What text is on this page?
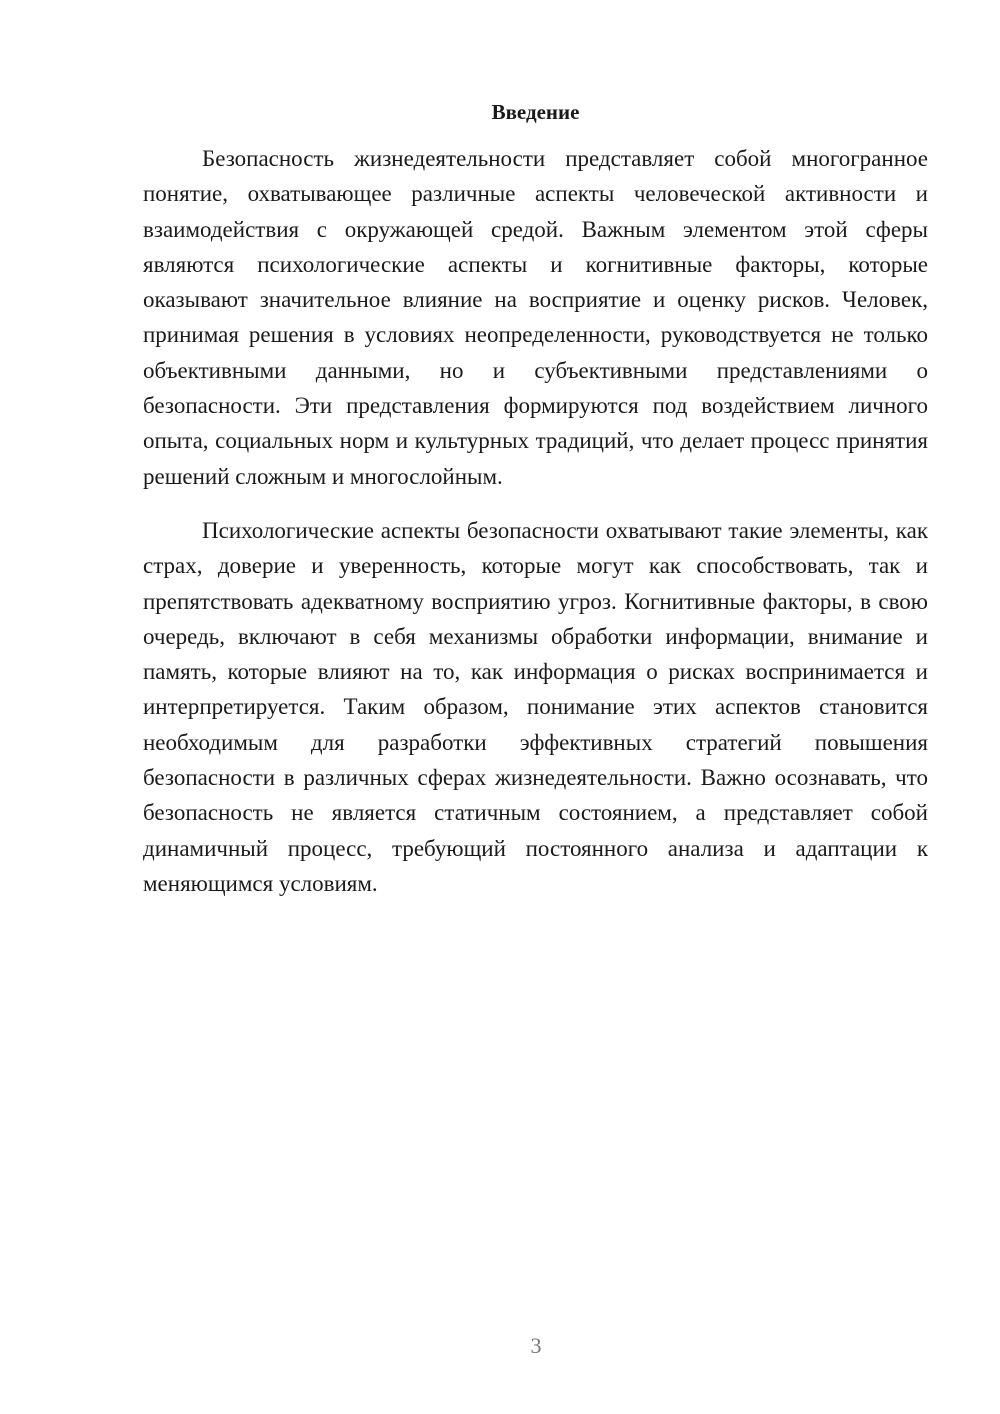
Введение

Безопасность жизнедеятельности представляет собой многогранное понятие, охватывающее различные аспекты человеческой активности и взаимодействия с окружающей средой. Важным элементом этой сферы являются психологические аспекты и когнитивные факторы, которые оказывают значительное влияние на восприятие и оценку рисков. Человек, принимая решения в условиях неопределенности, руководствуется не только объективными данными, но и субъективными представлениями о безопасности. Эти представления формируются под воздействием личного опыта, социальных норм и культурных традиций, что делает процесс принятия решений сложным и многослойным.

Психологические аспекты безопасности охватывают такие элементы, как страх, доверие и уверенность, которые могут как способствовать, так и препятствовать адекватному восприятию угроз. Когнитивные факторы, в свою очередь, включают в себя механизмы обработки информации, внимание и память, которые влияют на то, как информация о рисках воспринимается и интерпретируется. Таким образом, понимание этих аспектов становится необходимым для разработки эффективных стратегий повышения безопасности в различных сферах жизнедеятельности. Важно осознавать, что безопасность не является статичным состоянием, а представляет собой динамичный процесс, требующий постоянного анализа и адаптации к меняющимся условиям.

3
